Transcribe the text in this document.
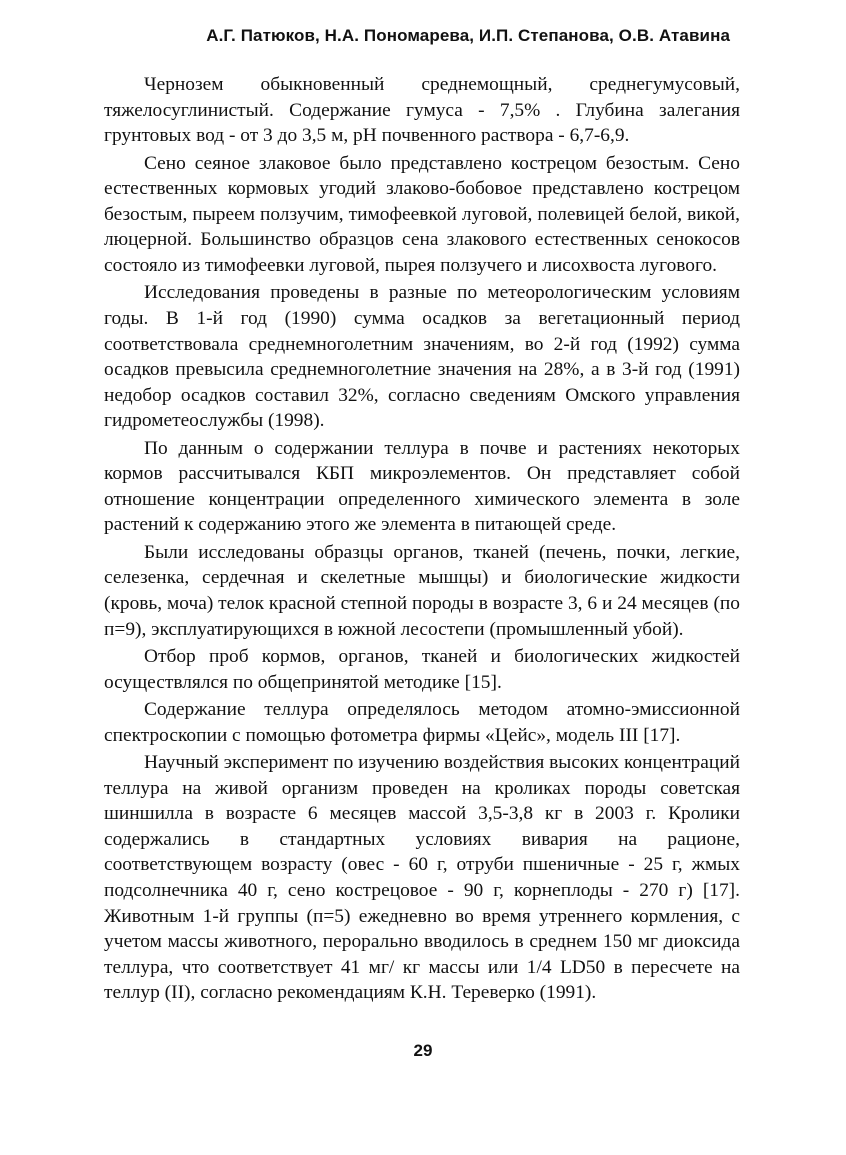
А.Г. Патюков, Н.А. Пономарева, И.П. Степанова, О.В. Атавина

Чернозем обыкновенный среднемощный, среднегумусовый, тяжелосуглинистый. Содержание гумуса - 7,5% . Глубина залегания грунтовых вод - от 3 до 3,5 м, рН почвенного раствора - 6,7-6,9.

Сено сеяное злаковое было представлено кострецом безостым. Сено естественных кормовых угодий злаково-бобовое представлено кострецом безостым, пыреем ползучим, тимофеевкой луговой, полевицей белой, викой, люцерной. Большинство образцов сена злакового естественных сенокосов состояло из тимофеевки луговой, пырея ползучего и лисохвоста лугового.

Исследования проведены в разные по метеорологическим условиям годы. В 1-й год (1990) сумма осадков за вегетационный период соответствовала среднемноголетним значениям, во 2-й год (1992) сумма осадков превысила среднемноголетние значения на 28%, а в 3-й год (1991) недобор осадков составил 32%, согласно сведениям Омского управления гидрометеослужбы (1998).

По данным о содержании теллура в почве и растениях некоторых кормов рассчитывался КБП микроэлементов. Он представляет собой отношение концентрации определенного химического элемента в золе растений к содержанию этого же элемента в питающей среде.

Были исследованы образцы органов, тканей (печень, почки, легкие, селезенка, сердечная и скелетные мышцы) и биологические жидкости (кровь, моча) телок красной степной породы в возрасте 3, 6 и 24 месяцев (по п=9), эксплуатирующихся в южной лесостепи (промышленный убой).

Отбор проб кормов, органов, тканей и биологических жидкостей осуществлялся по общепринятой методике [15].

Содержание теллура определялось методом атомно-эмиссионной спектроскопии с помощью фотометра фирмы «Цейс», модель III [17].

Научный эксперимент по изучению воздействия высоких концентраций теллура на живой организм проведен на кроликах породы советская шиншилла в возрасте 6 месяцев массой 3,5-3,8 кг в 2003 г. Кролики содержались в стандартных условиях вивария на рационе, соответствующем возрасту (овес - 60 г, отруби пшеничные - 25 г, жмых подсолнечника 40 г, сено кострецовое - 90 г, корнеплоды - 270 г) [17]. Животным 1-й группы (п=5) ежедневно во время утреннего кормления, с учетом массы животного, перорально вводилось в среднем 150 мг диоксида теллура, что соответствует 41 мг/ кг массы или 1/4 LD50 в пересчете на теллур (II), согласно рекомендациям К.Н. Тереверко (1991).

29
